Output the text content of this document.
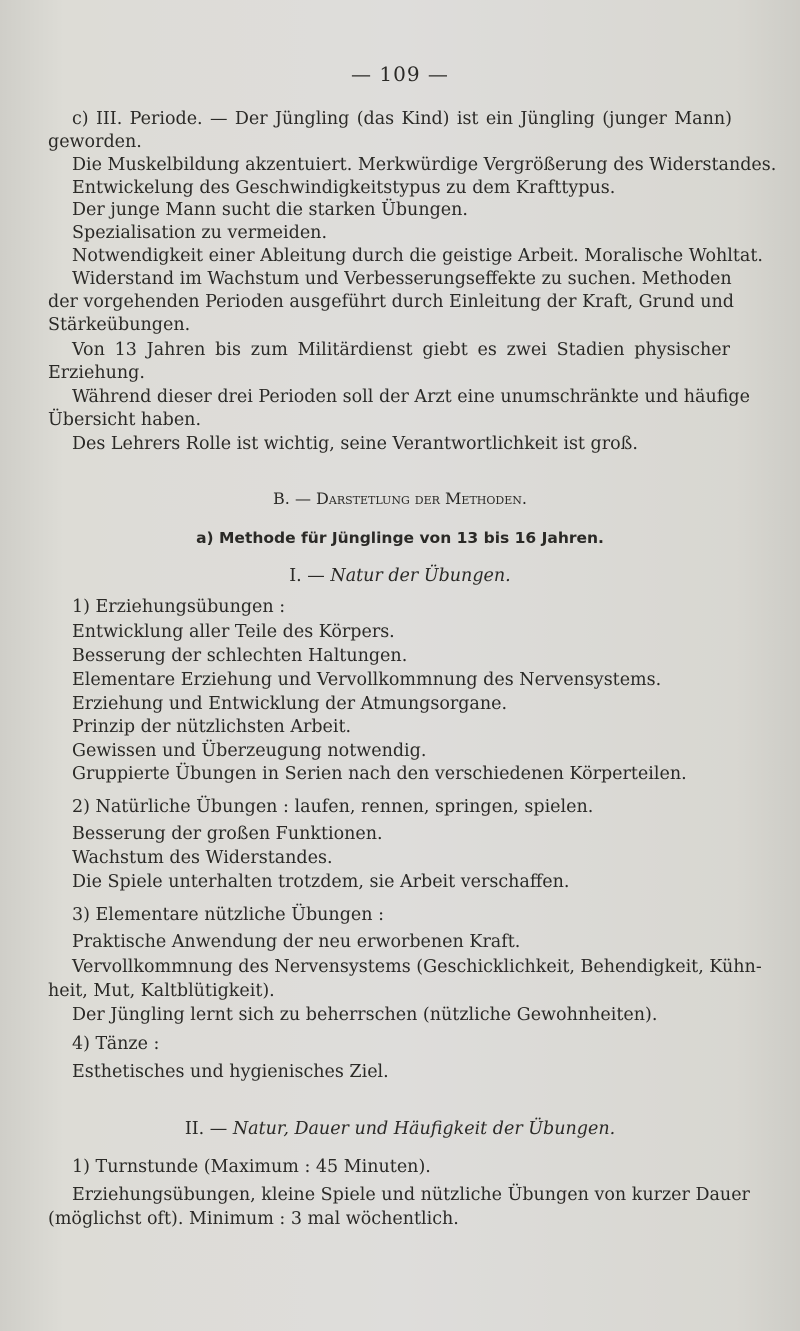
— 109 —
c) III. Periode. — Der Jüngling (das Kind) ist ein Jüngling (junger Mann)
geworden.
Die Muskelbildung akzentuiert. Merkwürdige Vergrößerung des Widerstandes.
Entwickelung des Geschwindigkeitstypus zu dem Krafttypus.
Der junge Mann sucht die starken Übungen.
Spezialisation zu vermeiden.
Notwendigkeit einer Ableitung durch die geistige Arbeit. Moralische Wohltat.
Widerstand im Wachstum und Verbesserungseffekte zu suchen. Methoden
der vorgehenden Perioden ausgeführt durch Einleitung der Kraft, Grund und
Stärkeübungen.
Von 13 Jahren bis zum Militärdienst giebt es zwei Stadien physischer
Erziehung.
Während dieser drei Perioden soll der Arzt eine unumschränkte und häufige
Übersicht haben.
Des Lehrers Rolle ist wichtig, seine Verantwortlichkeit ist groß.
B. — Darstetlung der Methoden.
a) Methode für Jünglinge von 13 bis 16 Jahren.
I. — Natur der Übungen.
1) Erziehungsübungen :
Entwicklung aller Teile des Körpers.
Besserung der schlechten Haltungen.
Elementare Erziehung und Vervollkommnung des Nervensystems.
Erziehung und Entwicklung der Atmungsorgane.
Prinzip der nützlichsten Arbeit.
Gewissen und Überzeugung notwendig.
Gruppierte Übungen in Serien nach den verschiedenen Körperteilen.
2) Natürliche Übungen : laufen, rennen, springen, spielen.
Besserung der großen Funktionen.
Wachstum des Widerstandes.
Die Spiele unterhalten trotzdem, sie Arbeit verschaffen.
3) Elementare nützliche Übungen :
Praktische Anwendung der neu erworbenen Kraft.
Vervollkommnung des Nervensystems (Geschicklichkeit, Behendigkeit, Kühn-
heit, Mut, Kaltblütigkeit).
Der Jüngling lernt sich zu beherrschen (nützliche Gewohnheiten).
4) Tänze :
Esthetisches und hygienisches Ziel.
II. — Natur, Dauer und Häufigkeit der Übungen.
1) Turnstunde (Maximum : 45 Minuten).
Erziehungsübungen, kleine Spiele und nützliche Übungen von kurzer Dauer
(möglichst oft). Minimum : 3 mal wöchentlich.
